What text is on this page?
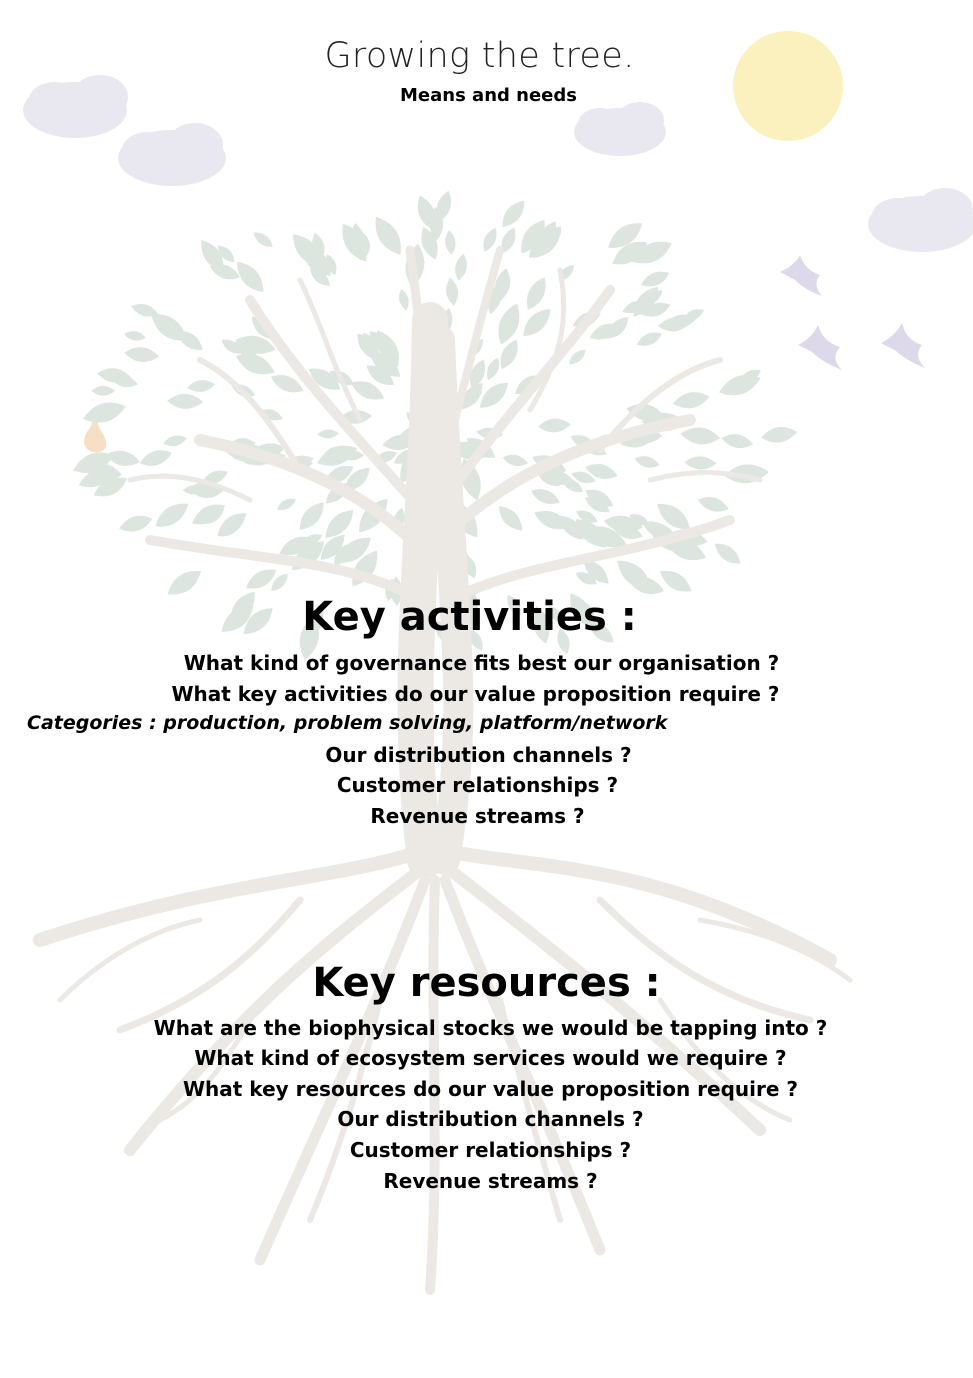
Growing the tree.
Means and needs
Key activities :
What kind of governance fits best our organisation ?
What key activities do our value proposition require ?
Categories : production, problem solving, platform/network
Our distribution channels ?
Customer relationships ?
Revenue streams ?
Key resources :
What are the biophysical stocks we would be tapping into ?
What kind of ecosystem services would we require ?
What key resources do our value proposition require ?
Our distribution channels ?
Customer relationships ?
Revenue streams ?
